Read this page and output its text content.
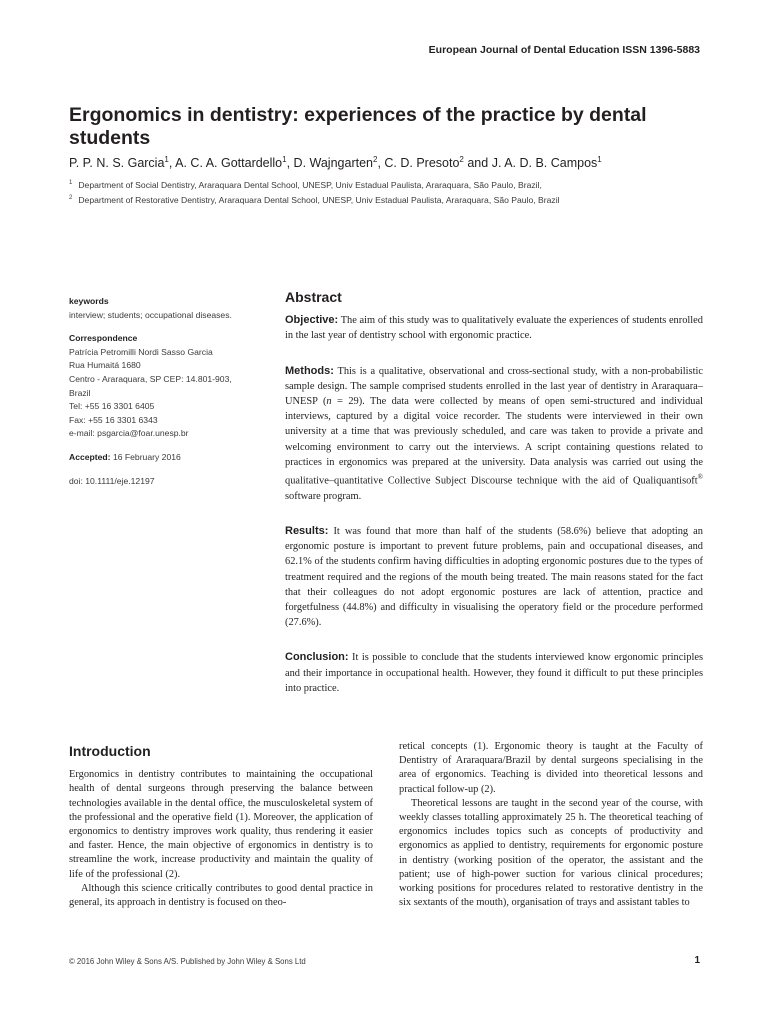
European Journal of Dental Education ISSN 1396-5883
Ergonomics in dentistry: experiences of the practice by dental students
P. P. N. S. Garcia$^1$, A. C. A. Gottardello$^1$, D. Wajngarten$^2$, C. D. Presoto$^2$ and J. A. D. B. Campos$^1$
$^1$ Department of Social Dentistry, Araraquara Dental School, UNESP, Univ Estadual Paulista, Araraquara, São Paulo, Brazil,
$^2$ Department of Restorative Dentistry, Araraquara Dental School, UNESP, Univ Estadual Paulista, Araraquara, São Paulo, Brazil
keywords
interview; students; occupational diseases.
Correspondence
Patrícia Petromilli Nordi Sasso Garcia
Rua Humaitá 1680
Centro - Araraquara, SP CEP: 14.801-903,
Brazil
Tel: +55 16 3301 6405
Fax: +55 16 3301 6343
e-mail: psgarcia@foar.unesp.br
Accepted: 16 February 2016
doi: 10.1111/eje.12197
Abstract

Objective: The aim of this study was to qualitatively evaluate the experiences of students enrolled in the last year of dentistry school with ergonomic practice.

Methods: This is a qualitative, observational and cross-sectional study, with a non-probabilistic sample design. The sample comprised students enrolled in the last year of dentistry in Araraquara–UNESP (n = 29). The data were collected by means of open semi-structured and individual interviews, captured by a digital voice recorder. The students were interviewed in their own university at a time that was previously scheduled, and care was taken to provide a private and welcoming environment to carry out the interviews. A script containing questions related to practices in ergonomics was prepared at the university. Data analysis was carried out using the qualitative–quantitative Collective Subject Discourse technique with the aid of Qualiquantisoft® software program.

Results: It was found that more than half of the students (58.6%) believe that adopting an ergonomic posture is important to prevent future problems, pain and occupational diseases, and 62.1% of the students confirm having difficulties in adopting ergonomic postures due to the types of treatment required and the regions of the mouth being treated. The main reasons stated for the fact that their colleagues do not adopt ergonomic postures are lack of attention, practice and forgetfulness (44.8%) and difficulty in visualising the operatory field or the procedure performed (27.6%).

Conclusion: It is possible to conclude that the students interviewed know ergonomic principles and their importance in occupational health. However, they found it difficult to put these principles into practice.

Introduction

Ergonomics in dentistry contributes to maintaining the occupational health of dental surgeons through preserving the balance between technologies available in the dental office, the musculoskeletal system of the professional and the operative field (1). Moreover, the application of ergonomics to dentistry improves work quality, thus rendering it easier and faster. Hence, the main objective of ergonomics in dentistry is to streamline the work, increase productivity and maintain the quality of life of the professional (2).

Although this science critically contributes to good dental practice in general, its approach in dentistry is focused on theo-

retical concepts (1). Ergonomic theory is taught at the Faculty of Dentistry of Araraquara/Brazil by dental surgeons specialising in the area of ergonomics. Teaching is divided into theoretical lessons and practical follow-up (2).

Theoretical lessons are taught in the second year of the course, with weekly classes totalling approximately 25 h. The theoretical teaching of ergonomics includes topics such as concepts of productivity and ergonomics as applied to dentistry, requirements for ergonomic posture in dentistry (working position of the operator, the assistant and the patient; use of high-power suction for various clinical procedures; working positions for procedures related to restorative dentistry in the six sextants of the mouth), organisation of trays and assistant tables to

© 2016 John Wiley & Sons A/S. Published by John Wiley & Sons Ltd	1
